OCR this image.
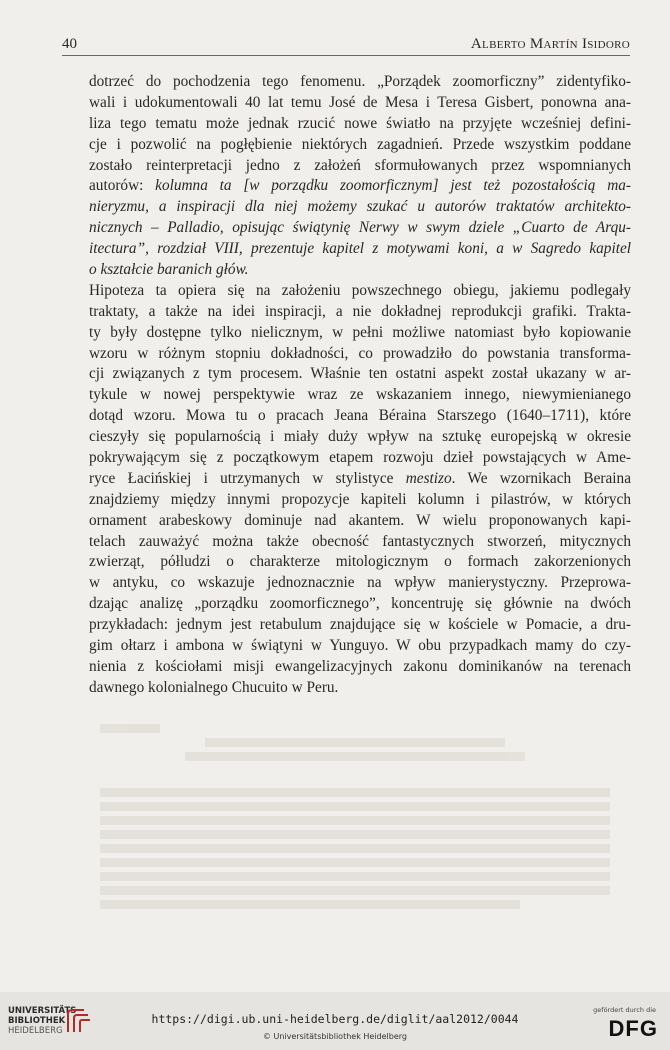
40	Alberto Martín Isidoro
dotrzeć do pochodzenia tego fenomenu. „Porządek zoomorficzny” zidentyfiko-
wali i udokumentowali 40 lat temu José de Mesa i Teresa Gisbert, ponowna ana-
liza tego tematu może jednak rzucić nowe światło na przyjęte wcześniej defini-
cje i pozwolić na pogłębienie niektórych zagadnień. Przede wszystkim poddane
zostało reinterpretacji jedno z założeń sformułowanych przez wspomnianych
autorów: kolumna ta [w porządku zoomorficznym] jest też pozostałością ma-
nieryzmu, a inspiracji dla niej możemy szukać u autorów traktatów architekto-
nicznych – Palladio, opisując świątynię Nerwy w swym dziele „Cuarto de Arqu-
itectura”, rozdział VIII, prezentuje kapitel z motywami koni, a w Sagredo kapitel
o kształcie baranich głów.
Hipoteza ta opiera się na założeniu powszechnego obiegu, jakiemu podlegały
traktaty, a także na idei inspiracji, a nie dokładnej reprodukcji grafiki. Trakta-
ty były dostępne tylko nielicznym, w pełni możliwe natomiast było kopiowanie
wzoru w różnym stopniu dokładności, co prowadziło do powstania transforma-
cji związanych z tym procesem. Właśnie ten ostatni aspekt został ukazany w ar-
tykule w nowej perspektywie wraz ze wskazaniem innego, niewymienianego
dotąd wzoru. Mowa tu o pracach Jeana Béraina Starszego (1640–1711), które
cieszyły się popularnością i miały duży wpływ na sztukę europejską w okresie
pokrywającym się z początkowym etapem rozwoju dzieł powstających w Ame-
ryce Łacińskiej i utrzymanych w stylistyce mestizo. We wzornikach Beraina
znajdziemy między innymi propozycje kapiteli kolumn i pilastrów, w których
ornament arabeskowy dominuje nad akantem. W wielu proponowanych kapi-
telach zauważyć można także obecność fantastycznych stworzeń, mitycznych
zwierząt, półludzi o charakterze mitologicznym o formach zakorzenionych
w antyku, co wskazuje jednoznacznie na wpływ manierystyczny. Przeprowa-
dzając analizę „porządku zoomorficznego”, koncentruję się głównie na dwóch
przykładach: jednym jest retabulum znajdujące się w kościele w Pomacie, a dru-
gim ołtarz i ambona w świątyni w Yunguyo. W obu przypadkach mamy do czy-
nienia z kościołami misji ewangelizacyjnych zakonu dominikanów na terenach
dawnego kolonialnego Chucuito w Peru.
UNIVERSITÄTS-
BIBLIOTHEK
HEIDELBERG
https://digi.ub.uni-heidelberg.de/diglit/aal2012/0044
© Universitätsbibliothek Heidelberg
gefördert durch die
DFG
